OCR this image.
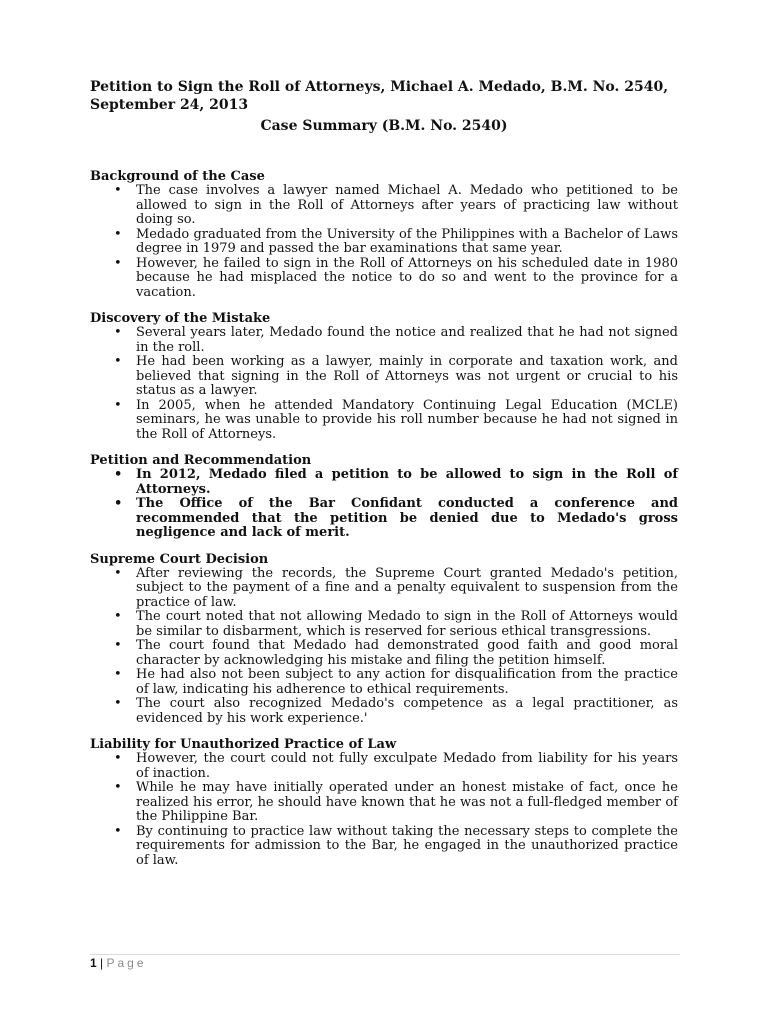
Petition to Sign the Roll of Attorneys, Michael A. Medado, B.M. No. 2540, September 24, 2013

Case Summary (B.M. No. 2540)

Background of the Case
• The case involves a lawyer named Michael A. Medado who petitioned to be allowed to sign in the Roll of Attorneys after years of practicing law without doing so.
• Medado graduated from the University of the Philippines with a Bachelor of Laws degree in 1979 and passed the bar examinations that same year.
• However, he failed to sign in the Roll of Attorneys on his scheduled date in 1980 because he had misplaced the notice to do so and went to the province for a vacation.
Discovery of the Mistake
• Several years later, Medado found the notice and realized that he had not signed in the roll.
• He had been working as a lawyer, mainly in corporate and taxation work, and believed that signing in the Roll of Attorneys was not urgent or crucial to his status as a lawyer.
• In 2005, when he attended Mandatory Continuing Legal Education (MCLE) seminars, he was unable to provide his roll number because he had not signed in the Roll of Attorneys.
Petition and Recommendation
• In 2012, Medado filed a petition to be allowed to sign in the Roll of Attorneys.
• The Office of the Bar Confidant conducted a conference and recommended that the petition be denied due to Medado's gross negligence and lack of merit.
Supreme Court Decision
• After reviewing the records, the Supreme Court granted Medado's petition, subject to the payment of a fine and a penalty equivalent to suspension from the practice of law.
• The court noted that not allowing Medado to sign in the Roll of Attorneys would be similar to disbarment, which is reserved for serious ethical transgressions.
• The court found that Medado had demonstrated good faith and good moral character by acknowledging his mistake and filing the petition himself.
• He had also not been subject to any action for disqualification from the practice of law, indicating his adherence to ethical requirements.
• The court also recognized Medado's competence as a legal practitioner, as evidenced by his work experience.'
Liability for Unauthorized Practice of Law
• However, the court could not fully exculpate Medado from liability for his years of inaction.
• While he may have initially operated under an honest mistake of fact, once he realized his error, he should have known that he was not a full-fledged member of the Philippine Bar.
• By continuing to practice law without taking the necessary steps to complete the requirements for admission to the Bar, he engaged in the unauthorized practice of law.
1 | Page
